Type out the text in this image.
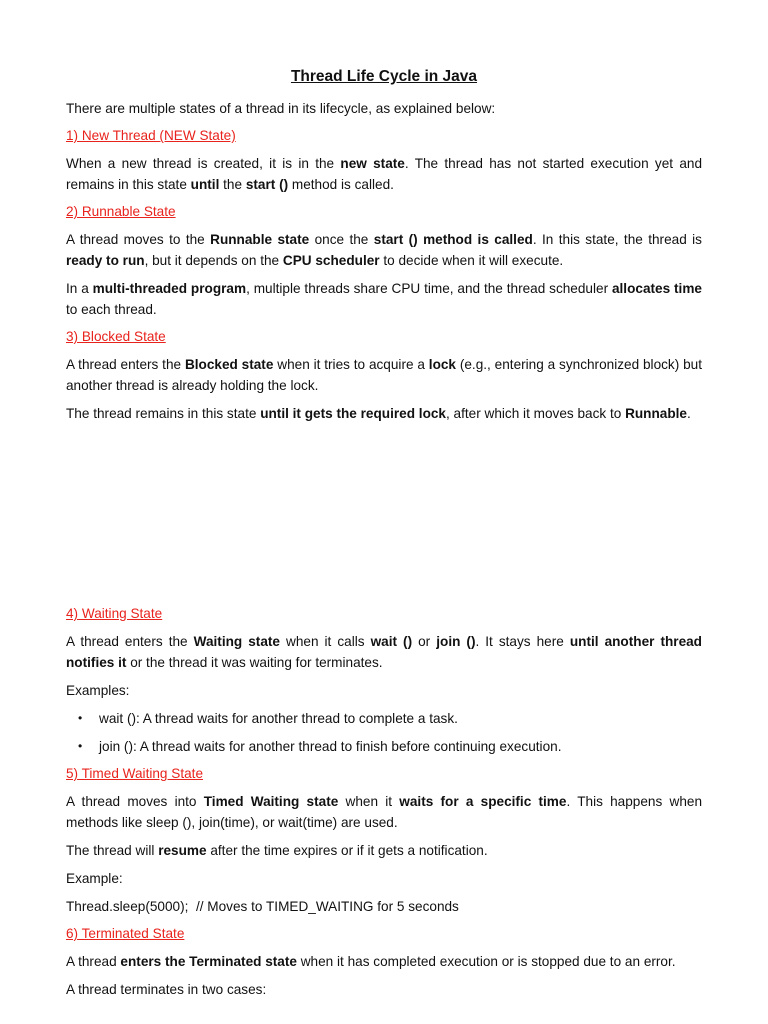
Thread Life Cycle in Java

There are multiple states of a thread in its lifecycle, as explained below:

1) New Thread (NEW State)

When a new thread is created, it is in the new state. The thread has not started execution yet and remains in this state until the start () method is called.

2) Runnable State

A thread moves to the Runnable state once the start () method is called. In this state, the thread is ready to run, but it depends on the CPU scheduler to decide when it will execute.

In a multi-threaded program, multiple threads share CPU time, and the thread scheduler allocates time to each thread.

3) Blocked State

A thread enters the Blocked state when it tries to acquire a lock (e.g., entering a synchronized block) but another thread is already holding the lock.

The thread remains in this state until it gets the required lock, after which it moves back to Runnable.

4) Waiting State

A thread enters the Waiting state when it calls wait () or join (). It stays here until another thread notifies it or the thread it was waiting for terminates.

Examples:

• wait (): A thread waits for another thread to complete a task.
• join (): A thread waits for another thread to finish before continuing execution.
5) Timed Waiting State

A thread moves into Timed Waiting state when it waits for a specific time. This happens when methods like sleep (), join(time), or wait(time) are used.

The thread will resume after the time expires or if it gets a notification.

Example:

Thread.sleep(5000);  // Moves to TIMED_WAITING for 5 seconds

6) Terminated State

A thread enters the Terminated state when it has completed execution or is stopped due to an error.

A thread terminates in two cases:
